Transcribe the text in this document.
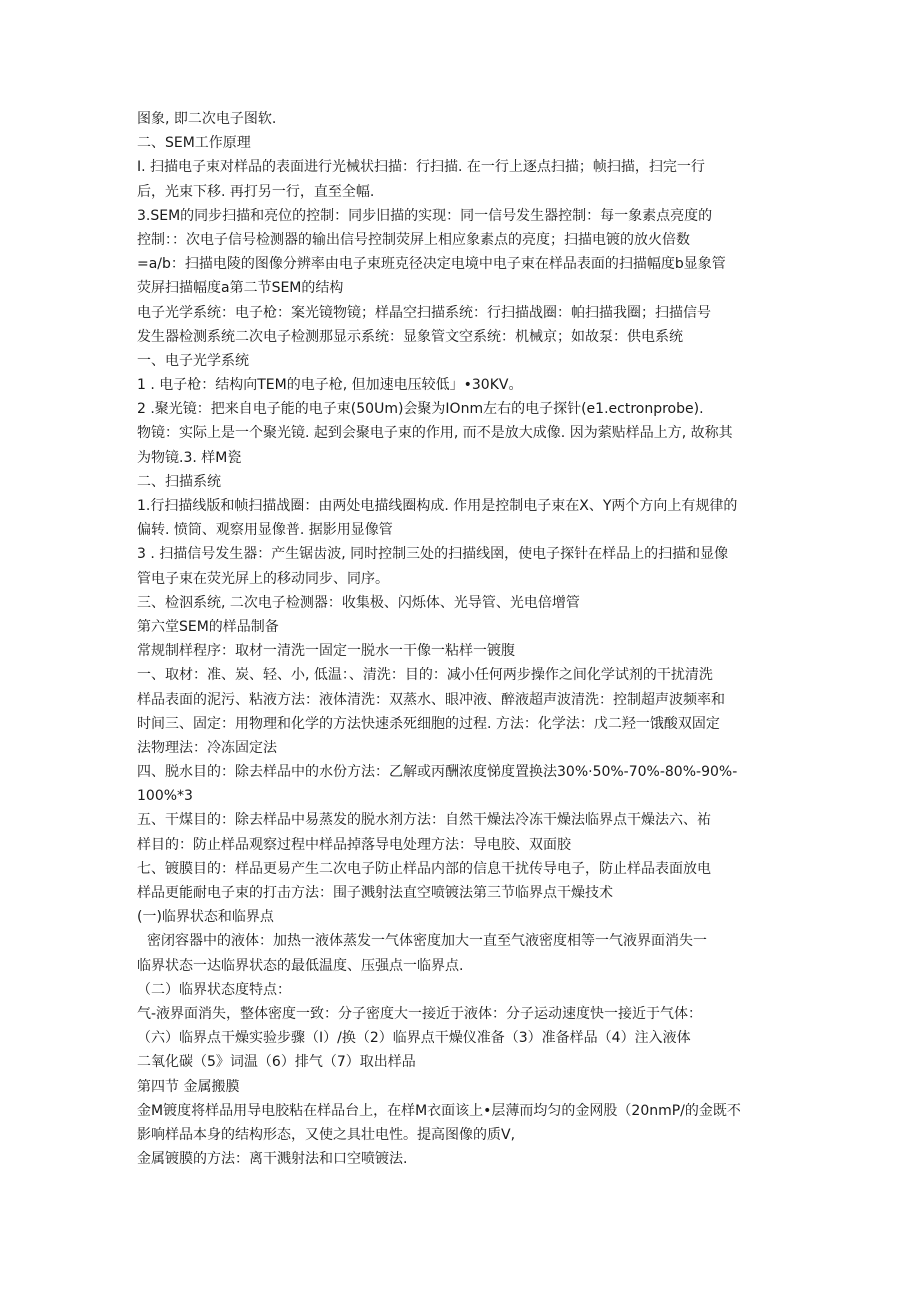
图象, 即二次电子图软.
二、SEM工作原理
I. 扫描电子束对样品的表面进行光械状扫描：行扫描. 在一行上逐点扫描；帧扫描，扫完一行
后，光束下移. 再打另一行，直至全幅.
3.SEM的同步扫描和亮位的控制：同步旧描的实现：同一信号发生器控制：每一象素点亮度的
控制：：次电子信号检测器的输出信号控制荧屏上相应象素点的亮度；扫描电镀的放火倍数
=a/b：扫描电陵的图像分辨率由电子束班克径决定电境中电子束在样品表面的扫描幅度b显象管
荧屏扫描幅度a第二节SEM的结构
电子光学系统：电子枪：案光镜物镜；样晶空扫描系统：行扫描战圈：帕扫描我圈；扫描信号
发生器检测系统二次电子检测那显示系统：显象管文空系统：机械京；如故泵：供电系统
一、电子光学系统
1 . 电子枪：结构向TEM的电子枪, 但加速电压较低」•30KV。
2 .聚光镜：把来自电子能的电子束(50Um)会聚为IOnm左右的电子探针(e1.ectronprobe).
物镜：实际上是一个聚光镜. 起到会聚电子束的作用, 而不是放大成像. 因为萦贴样品上方, 故称其
为物镜.3. 样M瓷
二、扫描系统
1.行扫描线版和帧扫描战圈：由两处电描线圈构成. 作用是控制电子束在X、Y两个方向上有规律的
偏转. 愤筒、观察用显像普. 据影用显像管
3 . 扫描信号发生器：产生锯齿波, 同时控制三处的扫描线圉，使电子探针在样品上的扫描和显像
管电子束在荧光屏上的移动同步、同序。
三、检泅系统, 二次电子检测器：收集极、闪烁体、光导管、光电倍增管
第六堂SEM的样品制备
常规制样程序：取材一清洗一固定一脱水一干像一粘样一镀腹
一、取材：准、炭、轻、小, 低温：、清洗：目的：减小任何两步操作之间化学试剂的干扰清洗
样品表面的泥污、粘液方法：液体清洗：双蒸水、眼冲液、醉液超声波清洗：控制超声波频率和
时间三、固定：用物理和化学的方法快速杀死细胞的过程. 方法：化学法：戊二羟一饿酸双固定
法物理法：冷冻固定法
四、脱水目的：除去样品中的水份方法：乙解或丙酬浓度悌度置换法30%·50%-70%-80%-90%-
100%*3
五、干煤目的：除去样品中易蒸发的脱水剂方法：自然干燥法冷冻干燥法临界点干燥法六、祐
样目的：防止样品观察过程中样品掉落导电处理方法：导电胶、双面胶
七、镀膜目的：样品更易产生二次电子防止样品内部的信息干扰传导电子，防止样品表面放电
样品更能耐电子束的打击方法：围子溅射法直空喷镀法第三节临界点干燥技术
(一)临界状态和临界点
密闭容器中的液体：加热一液体蒸发一气体密度加大一直至气液密度相等一气液界面消失一
临界状态一达临界状态的最低温度、压强点一临界点.
（二）临界状态度特点：
气-液界面消失，整体密度一致：分子密度大一接近于液体：分子运动速度快一接近于气体：
（六）临界点干燥实验步骤（I）/换（2）临界点干燥仪准备（3）准备样品（4）注入液体
二氧化碳（5》词温（6）排气（7）取出样品
第四节 金属搬膜
金M镀度将样品用导电胶粘在样品台上，在样M衣面该上•层薄而均匀的金网股（20nmP/的金既不
影响样品本身的结构形态，又使之具壮电性。提高图像的质V,
金属镀膜的方法：离干溅射法和口空喷镀法.
